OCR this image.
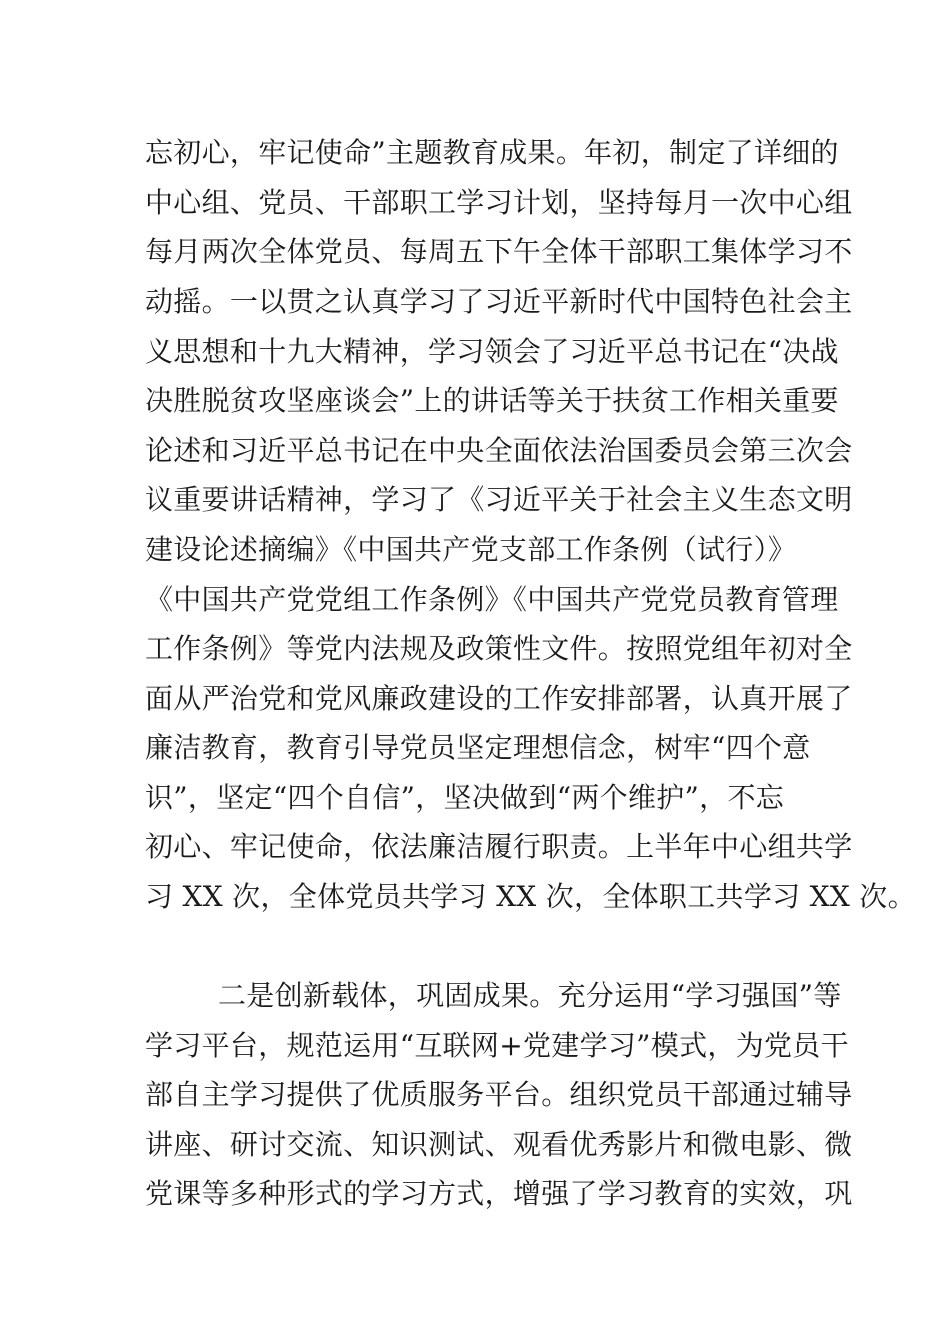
忘初心，牢记使命”主题教育成果。年初，制定了详细的
中心组、党员、干部职工学习计划，坚持每月一次中心组
每月两次全体党员、每周五下午全体干部职工集体学习不
动摇。一以贯之认真学习了习近平新时代中国特色社会主
义思想和十九大精神，学习领会了习近平总书记在“决战
决胜脱贫攻坚座谈会”上的讲话等关于扶贫工作相关重要
论述和习近平总书记在中央全面依法治国委员会第三次会
议重要讲话精神，学习了《习近平关于社会主义生态文明
建设论述摘编》《中国共产党支部工作条例（试行）》
《中国共产党党组工作条例》《中国共产党党员教育管理
工作条例》等党内法规及政策性文件。按照党组年初对全
面从严治党和党风廉政建设的工作安排部署，认真开展了
廉洁教育，教育引导党员坚定理想信念，树牢“四个意
识”，坚定“四个自信”，坚决做到“两个维护”，不忘
初心、牢记使命，依法廉洁履行职责。上半年中心组共学
习 XX 次，全体党员共学习 XX 次，全体职工共学习 XX 次。
二是创新载体，巩固成果。充分运用“学习强国”等
学习平台，规范运用“互联网+党建学习”模式，为党员干
部自主学习提供了优质服务平台。组织党员干部通过辅导
讲座、研讨交流、知识测试、观看优秀影片和微电影、微
党课等多种形式的学习方式，增强了学习教育的实效，巩
